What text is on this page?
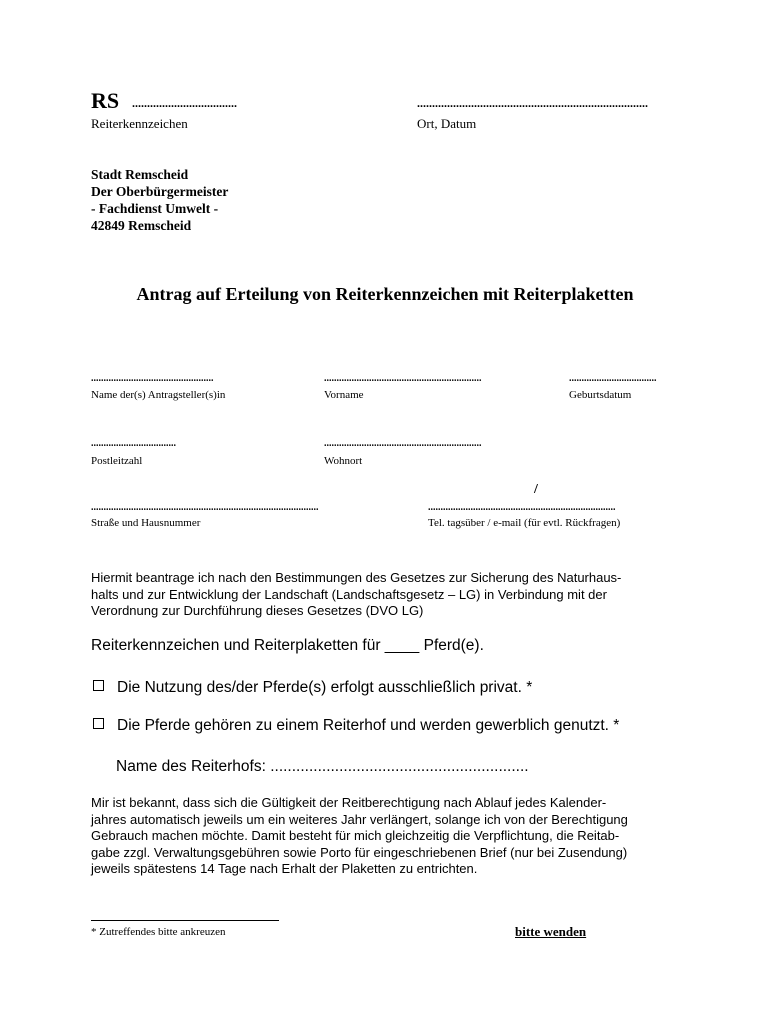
RS ...................................
Reiterkennzeichen
.............................................................................
Ort, Datum
Stadt Remscheid
Der Oberbürgermeister
- Fachdienst Umwelt -
42849 Remscheid
Antrag auf Erteilung von Reiterkennzeichen mit Reiterplaketten
.................................................
Name der(s) Antragsteller(s)in
...............................................................
Vorname
...................................
Geburtsdatum
..................................
Postleitzahl
...............................................................
Wohnort
/
...........................................................................................
Straße und Hausnummer
...........................................................................
Tel. tagsüber / e-mail (für evtl. Rückfragen)
Hiermit beantrage ich nach den Bestimmungen des Gesetzes zur Sicherung des Naturhaus-
halts und zur Entwicklung der Landschaft (Landschaftsgesetz – LG) in Verbindung mit der
Verordnung zur Durchführung dieses Gesetzes (DVO LG)
Reiterkennzeichen und Reiterplaketten für ____ Pferd(e).
Die Nutzung des/der Pferde(s) erfolgt ausschließlich privat. *
Die Pferde gehören zu einem Reiterhof und werden gewerblich genutzt. *
Name des Reiterhofs: ............................................................
Mir ist bekannt, dass sich die Gültigkeit der Reitberechtigung nach Ablauf jedes Kalender-
jahres automatisch jeweils um ein weiteres Jahr verlängert, solange ich von der Berechtigung
Gebrauch machen möchte. Damit besteht für mich gleichzeitig die Verpflichtung, die Reitab-
gabe zzgl. Verwaltungsgebühren sowie Porto für eingeschriebenen Brief (nur bei Zusendung)
jeweils spätestens 14 Tage nach Erhalt der Plaketten zu entrichten.
* Zutreffendes bitte ankreuzen	bitte wenden
